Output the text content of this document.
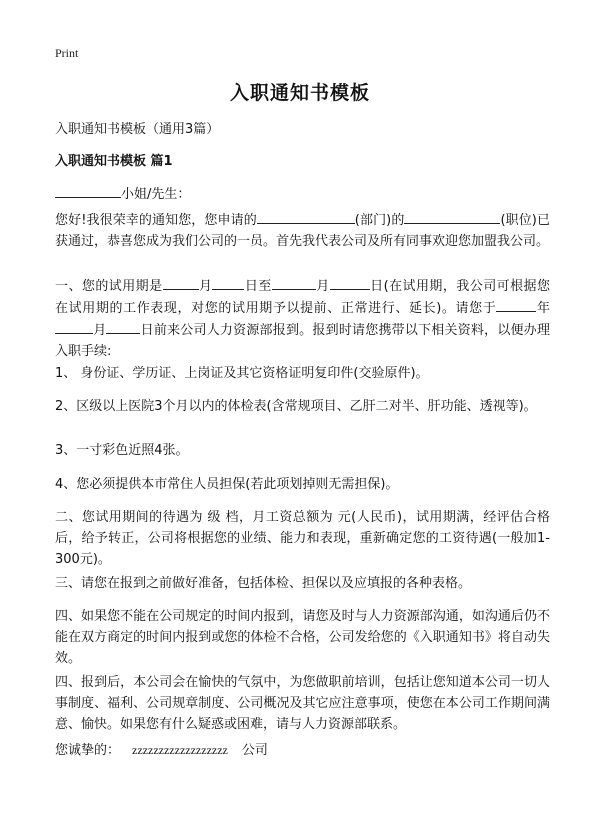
Print
入职通知书模板
入职通知书模板（通用3篇）
入职通知书模板 篇1
小姐/先生：
您好!我很荣幸的通知您，您申请的	(部门)的	(职位)已获通过，恭喜您成为我们公司的一员。首先我代表公司及所有同事欢迎您加盟我公司。
一、您的试用期是	月 日至	月	日(在试用期，我公司可根据您在试用期的工作表现，对您的试用期予以提前、正常进行、延长)。请您于	年月	日前来公司人力资源部报到。报到时请您携带以下相关资料，以便办理入职手续:
1、 身份证、学历证、上岗证及其它资格证明复印件(交验原件)。
2、区级以上医院3个月以内的体检表(含常规项目、乙肝二对半、肝功能、透视等)。
3、一寸彩色近照4张。
4、您必须提供本市常住人员担保(若此项划掉则无需担保)。
二、您试用期间的待遇为 级 档，月工资总额为 元(人民币)，试用期满，经评估合格后，给予转正，公司将根据您的业绩、能力和表现，重新确定您的工资待遇(一般加1-300元)。
三、请您在报到之前做好准备，包括体检、担保以及应填报的各种表格。
四、如果您不能在公司规定的时间内报到，请您及时与人力资源部沟通，如沟通后仍不能在双方商定的时间内报到或您的体检不合格，公司发给您的《入职通知书》将自动失效。
四、报到后，本公司会在愉快的气氛中，为您做职前培训，包括让您知道本公司一切人事制度、福利、公司规章制度、公司概况及其它应注意事项，使您在本公司工作期间满意、愉快。如果您有什么疑惑或困难，请与人力资源部联系。
您诚挚的： zzzzzzzzzzzzzzzzzz 公司
